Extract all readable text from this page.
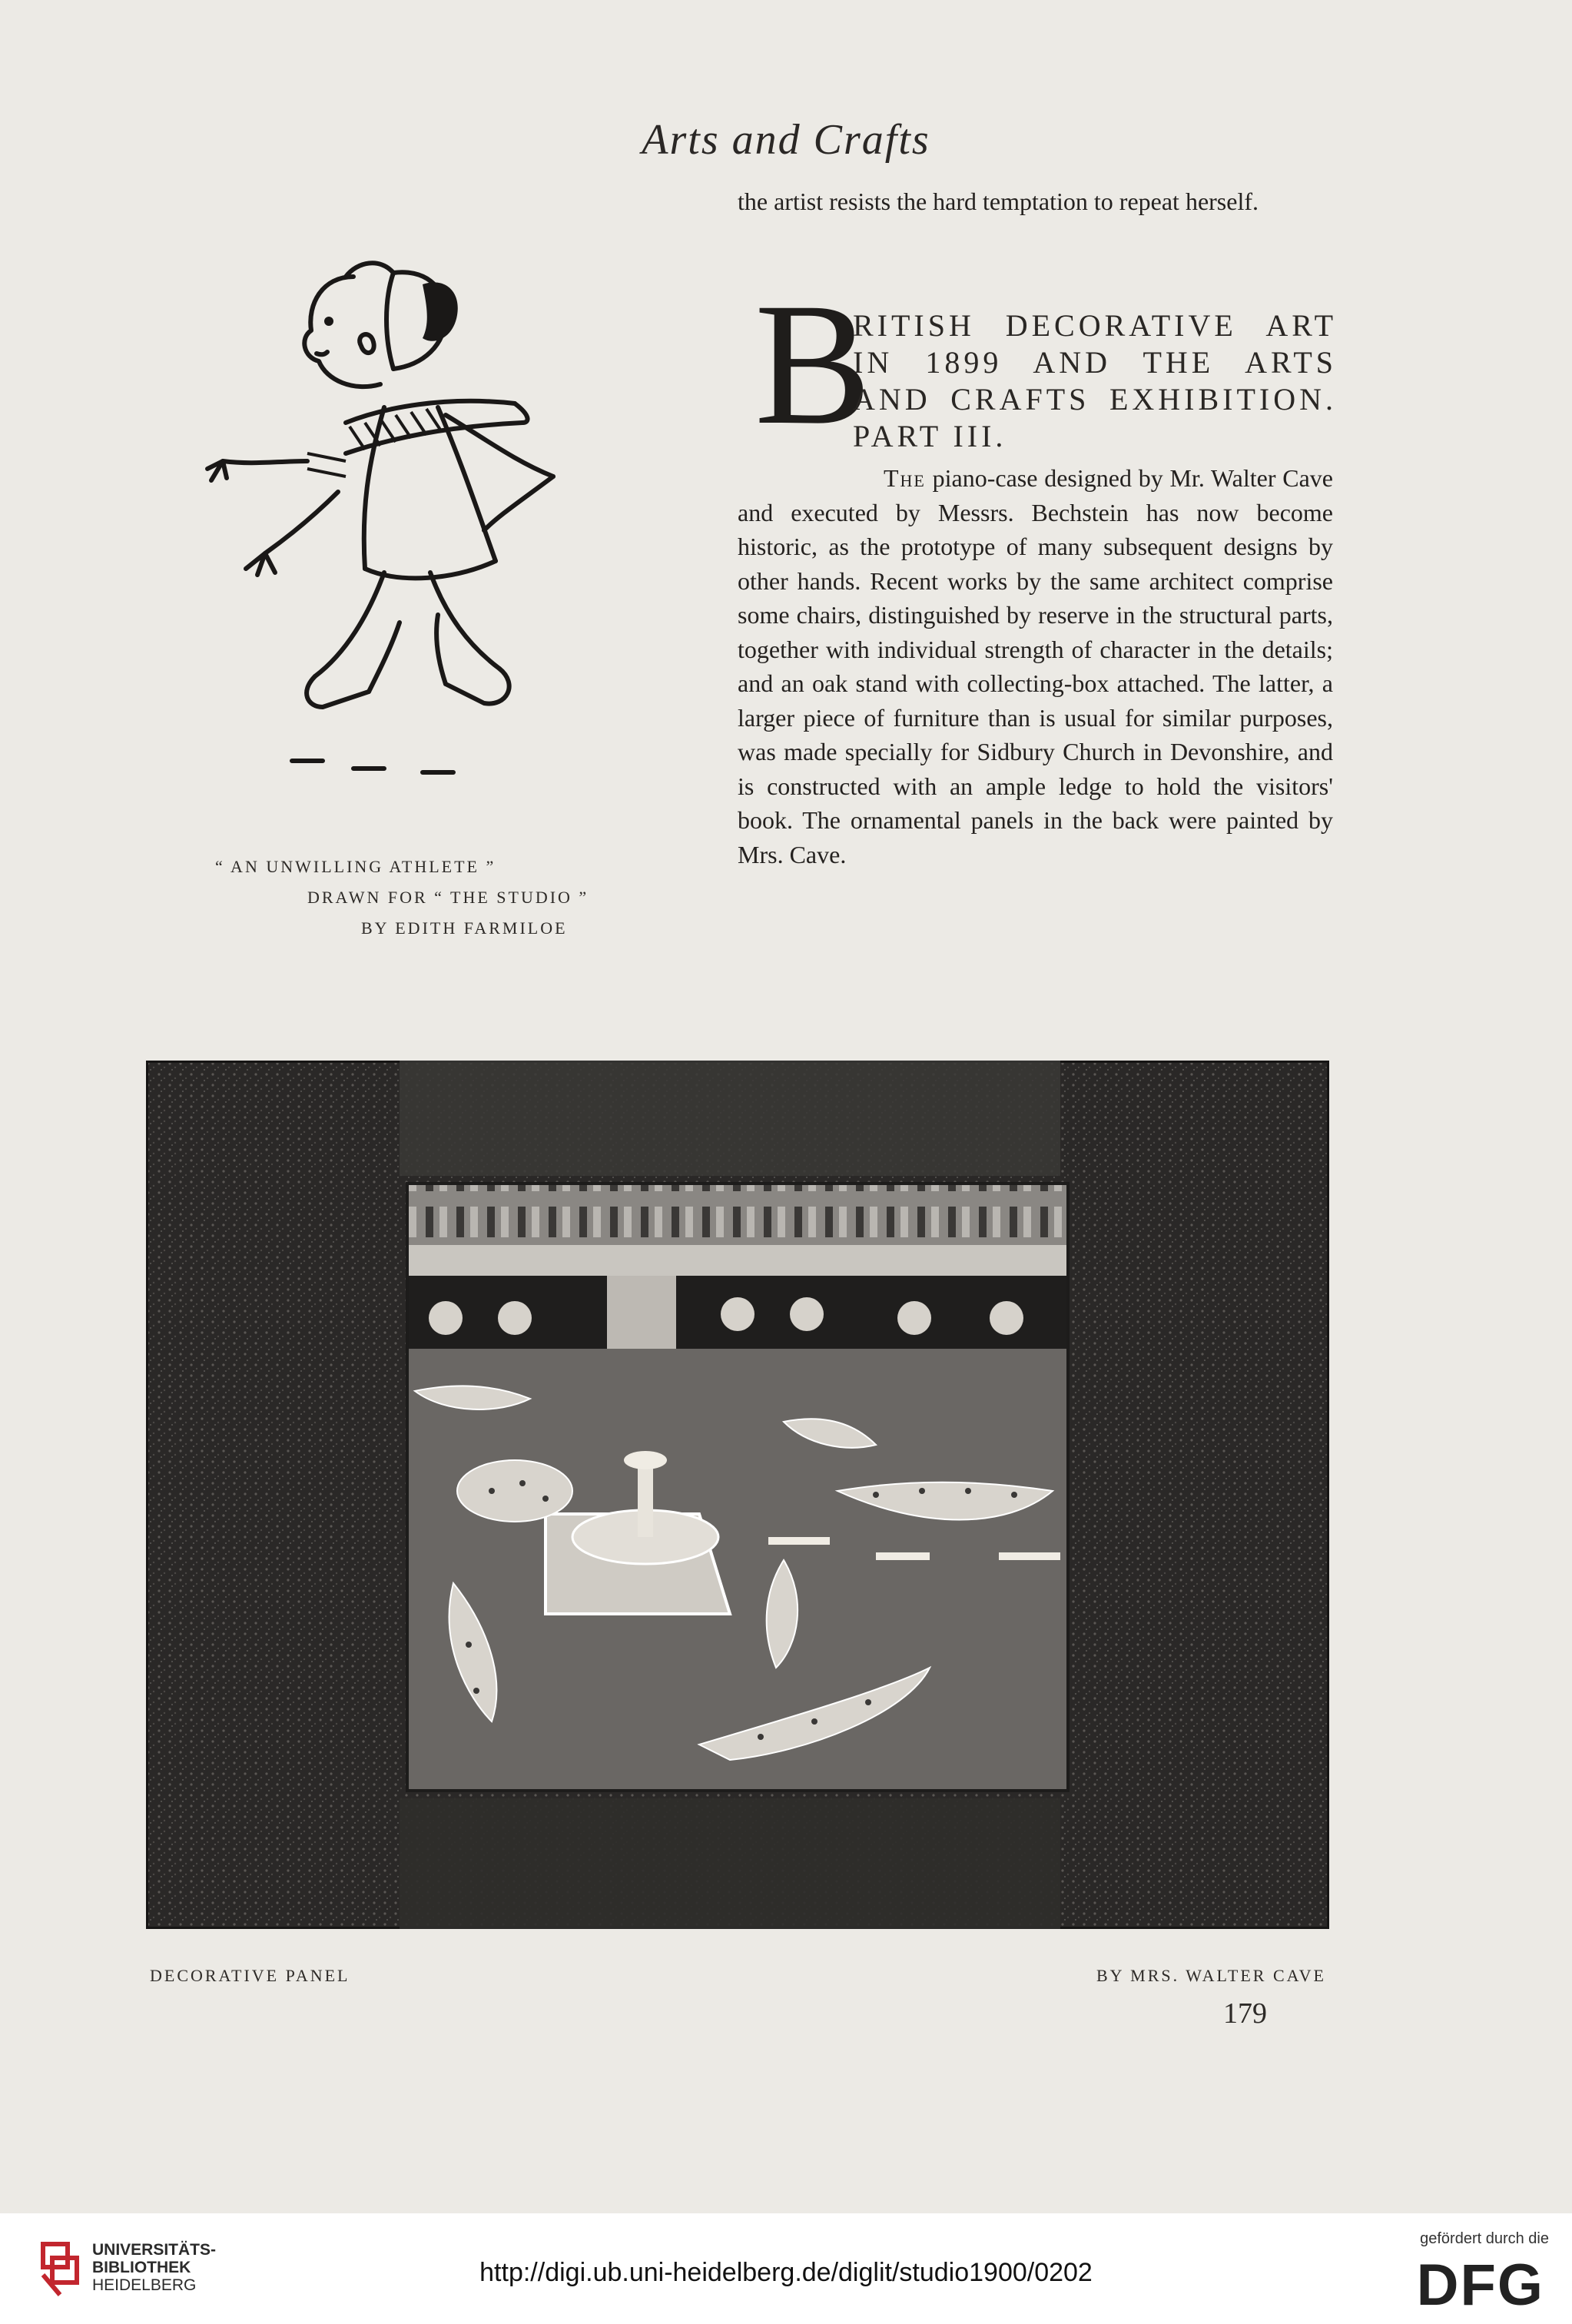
Arts and Crafts
“ AN UNWILLING ATHLETE ”
DRAWN FOR “ THE STUDIO ”
BY EDITH FARMILOE
the artist resists the hard temptation to repeat herself.
B
RITISH DECORATIVE ART
IN 1899 AND THE ARTS
AND CRAFTS EXHIBITION.
PART III.
The piano-case designed by Mr. Walter Cave and executed by Messrs. Bechstein has now become historic, as the prototype of many subsequent designs by other hands. Recent works by the same architect comprise some chairs, distinguished by reserve in the structural parts, together with individual strength of character in the details; and an oak stand with collecting-box attached. The latter, a larger piece of furniture than is usual for similar purposes, was made specially for Sidbury Church in Devonshire, and is constructed with an ample ledge to hold the visitors' book. The ornamental panels in the back were painted by Mrs. Cave.
DECORATIVE PANEL	BY MRS. WALTER CAVE
179
UNIVERSITÄTS-
BIBLIOTHEK
HEIDELBERG	http://digi.ub.uni-heidelberg.de/diglit/studio1900/0202
gefördert durch die
DFG
